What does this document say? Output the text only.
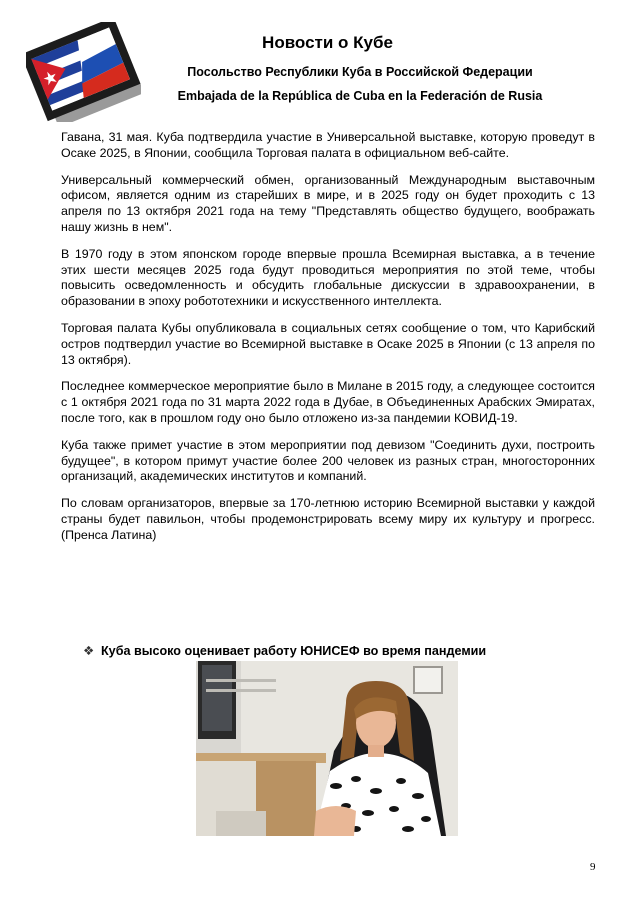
Новости о Кубе
Посольство Республики Куба в Российской Федерации
Embajada de la República de Cuba en la Federación de Rusia

Гавана, 31 мая. Куба подтвердила участие в Универсальной выставке, которую проведут в Осаке 2025, в Японии, сообщила Торговая палата в официальном веб-сайте.

Универсальный коммерческий обмен, организованный Международным выставочным офисом, является одним из старейших в мире, и в 2025 году он будет проходить с 13 апреля по 13 октября 2021 года на тему "Представлять общество будущего, воображать нашу жизнь в нем".

В 1970 году в этом японском городе впервые прошла Всемирная выставка, а в течение этих шести месяцев 2025 года будут проводиться мероприятия по этой теме, чтобы повысить осведомленность и обсудить глобальные дискуссии в здравоохранении, в образовании в эпоху робототехники и искусственного интеллекта.

Торговая палата Кубы опубликовала в социальных сетях сообщение о том, что Карибский остров подтвердил участие во Всемирной выставке в Осаке 2025 в Японии (с 13 апреля по 13 октября).

Последнее коммерческое мероприятие было в Милане в 2015 году, а следующее состоится с 1 октября 2021 года по 31 марта 2022 года в Дубае, в Объединенных Арабских Эмиратах, после того, как в прошлом году оно было отложено из-за пандемии КОВИД-19.

Куба также примет участие в этом мероприятии под девизом "Соединить духи, построить будущее", в котором примут участие более 200 человек из разных стран, многосторонних организаций, академических институтов и компаний.

По словам организаторов, впервые за 170-летнюю историю Всемирной выставки у каждой страны будет павильон, чтобы продемонстрировать всему миру их культуру и прогресс. (Пренса Латина)

❖ Куба высоко оценивает работу ЮНИСЕФ во время пандемии
9
